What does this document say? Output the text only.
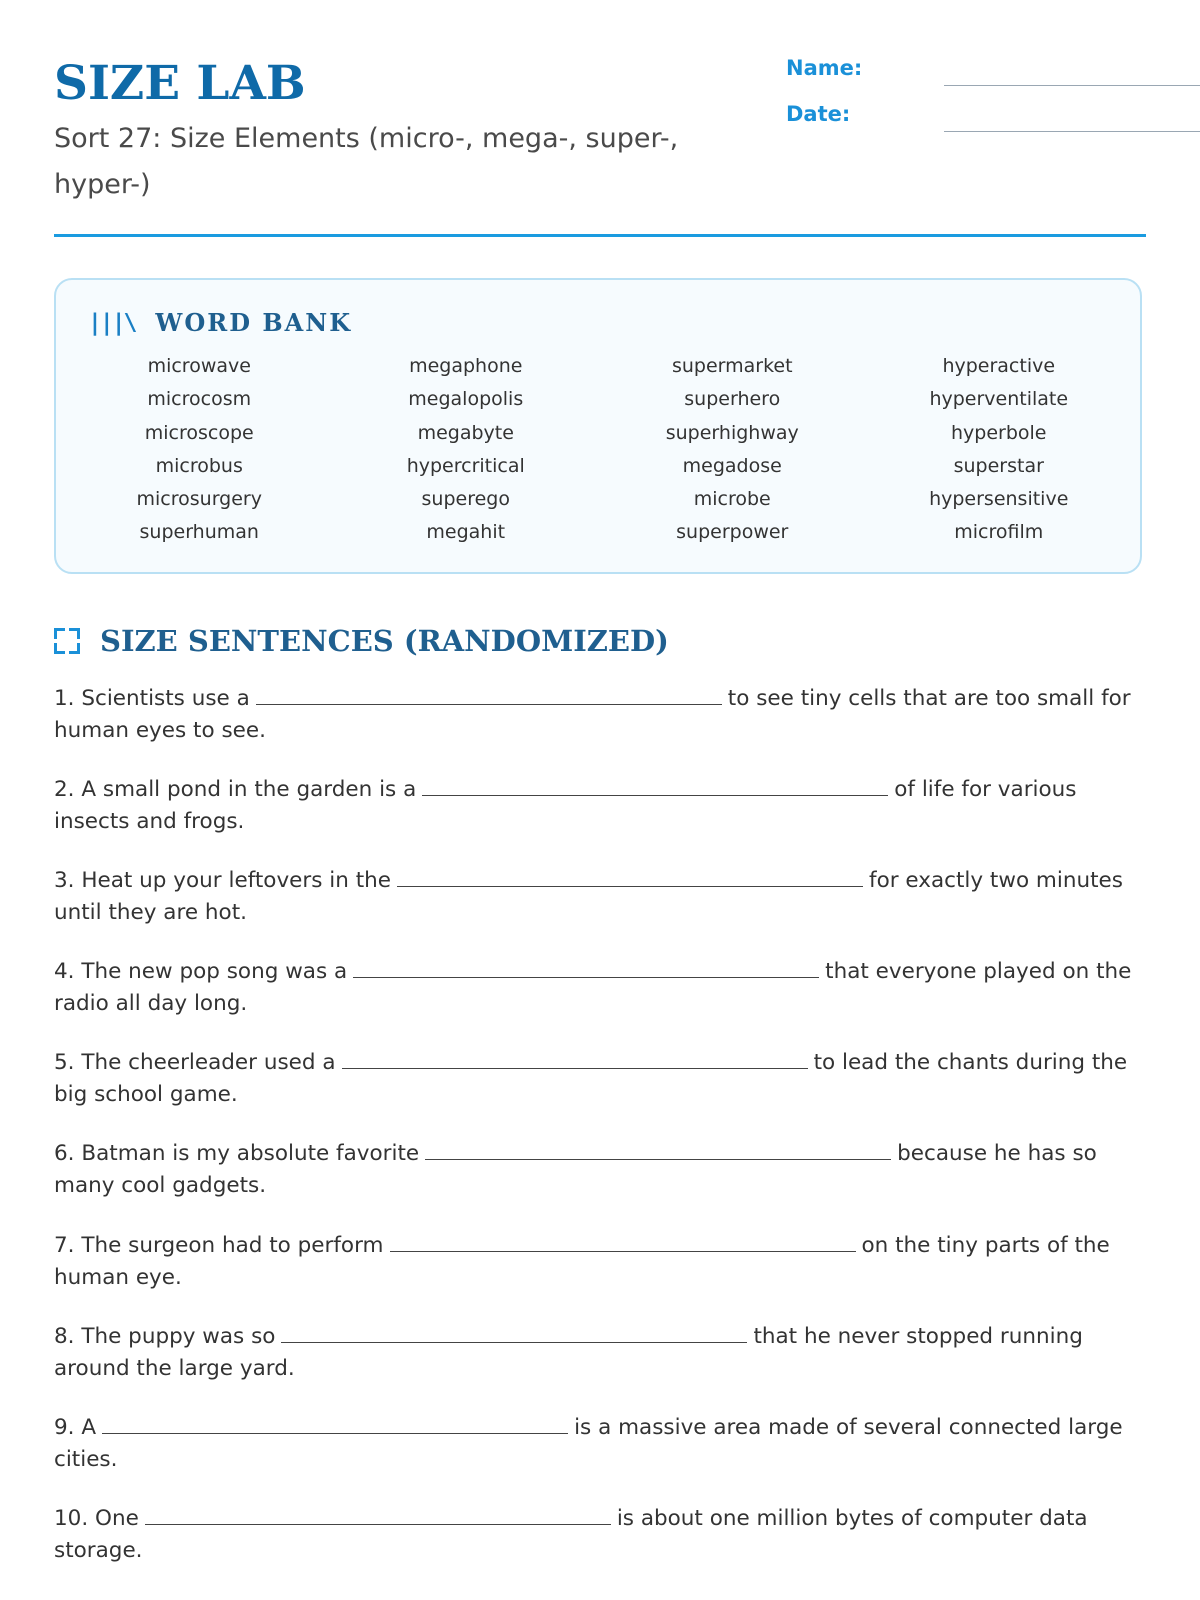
SIZE LAB

Sort 27: Size Elements (micro-, mega-, super-, hyper-)

Name:
Date:
|||\ WORD BANK
microwave	megaphone	supermarket	hyperactive
microcosm	megalopolis	superhero	hyperventilate
microscope	megabyte	superhighway	hyperbole
microbus	hypercritical	megadose	superstar
microsurgery	superego	microbe	hypersensitive
superhuman	megahit	superpower	microfilm
SIZE SENTENCES (RANDOMIZED)
1. Scientists use a	to see tiny cells that are too small for human eyes to see.
2. A small pond in the garden is a	of life for various insects and frogs.
3. Heat up your leftovers in the	for exactly two minutes until they are hot.
4. The new pop song was a	that everyone played on the radio all day long.
5. The cheerleader used a	to lead the chants during the big school game.
6. Batman is my absolute favorite	because he has so many cool gadgets.
7. The surgeon had to perform	on the tiny parts of the human eye.
8. The puppy was so	that he never stopped running around the large yard.
9. A	is a massive area made of several connected large cities.
10. One	is about one million bytes of computer data storage.
